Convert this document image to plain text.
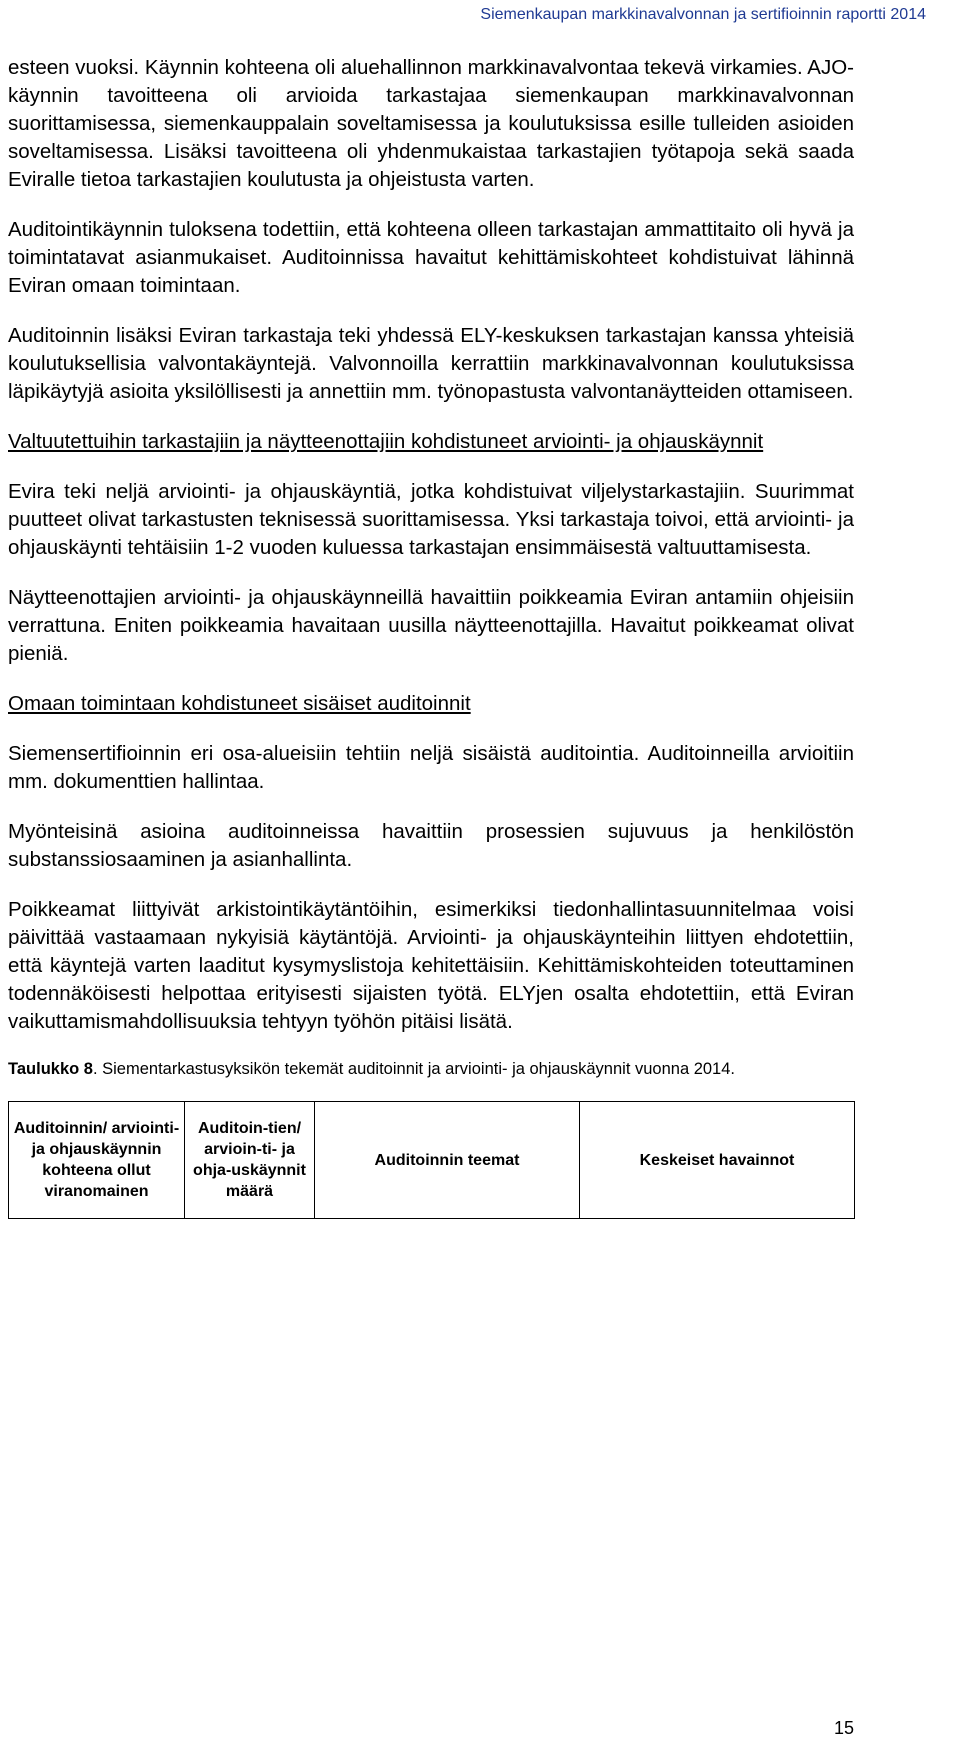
Siemenkaupan markkinavalvonnan ja sertifioinnin raportti 2014

esteen vuoksi. Käynnin kohteena oli aluehallinnon markkinavalvontaa tekevä virkamies. AJO-käynnin tavoitteena oli arvioida tarkastajaa siemenkaupan markkinavalvonnan suorittamisessa, siemenkauppalain soveltamisessa ja koulutuksissa esille tulleiden asioiden soveltamisessa. Lisäksi tavoitteena oli yhdenmukaistaa tarkastajien työtapoja sekä saada Eviralle tietoa tarkastajien koulutusta ja ohjeistusta varten.

Auditointikäynnin tuloksena todettiin, että kohteena olleen tarkastajan ammattitaito oli hyvä ja toimintatavat asianmukaiset. Auditoinnissa havaitut kehittämiskohteet kohdistuivat lähinnä Eviran omaan toimintaan.

Auditoinnin lisäksi Eviran tarkastaja teki yhdessä ELY-keskuksen tarkastajan kanssa yhteisiä koulutuksellisia valvontakäyntejä. Valvonnoilla kerrattiin markkinavalvonnan koulutuksissa läpikäytyjä asioita yksilöllisesti ja annettiin mm. työnopastusta valvontanäytteiden ottamiseen.

Valtuutettuihin tarkastajiin ja näytteenottajiin kohdistuneet arviointi- ja ohjauskäynnit

Evira teki neljä arviointi- ja ohjauskäyntiä, jotka kohdistuivat viljelystarkastajiin. Suurimmat puutteet olivat tarkastusten teknisessä suorittamisessa. Yksi tarkastaja toivoi, että arviointi- ja ohjauskäynti tehtäisiin 1-2 vuoden kuluessa tarkastajan ensimmäisestä valtuuttamisesta.

Näytteenottajien arviointi- ja ohjauskäynneillä havaittiin poikkeamia Eviran antamiin ohjeisiin verrattuna. Eniten poikkeamia havaitaan uusilla näytteenottajilla. Havaitut poikkeamat olivat pieniä.

Omaan toimintaan kohdistuneet sisäiset auditoinnit

Siemensertifioinnin eri osa-alueisiin tehtiin neljä sisäistä auditointia. Auditoinneilla arvioitiin mm. dokumenttien hallintaa.

Myönteisinä asioina auditoinneissa havaittiin prosessien sujuvuus ja henkilöstön substanssiosaaminen ja asianhallinta.

Poikkeamat liittyivät arkistointikäytäntöihin, esimerkiksi tiedonhallintasuunnitelmaa voisi päivittää vastaamaan nykyisiä käytäntöjä. Arviointi- ja ohjauskäynteihin liittyen ehdotettiin, että käyntejä varten laaditut kysymyslistoja kehitettäisiin. Kehittämiskohteiden toteuttaminen todennäköisesti helpottaa erityisesti sijaisten työtä. ELYjen osalta ehdotettiin, että Eviran vaikuttamismahdollisuuksia tehtyyn työhön pitäisi lisätä.

Taulukko 8. Siementarkastusyksikön tekemät auditoinnit ja arviointi- ja ohjauskäynnit vuonna 2014.
Auditoinnin/ arviointi- ja ohjauskäynnin kohteena ollut viranomainen	Auditoin-tien/ arvioin-ti- ja ohja-uskäynnit määrä	Auditoinnin teemat	Keskeiset havainnot
15
